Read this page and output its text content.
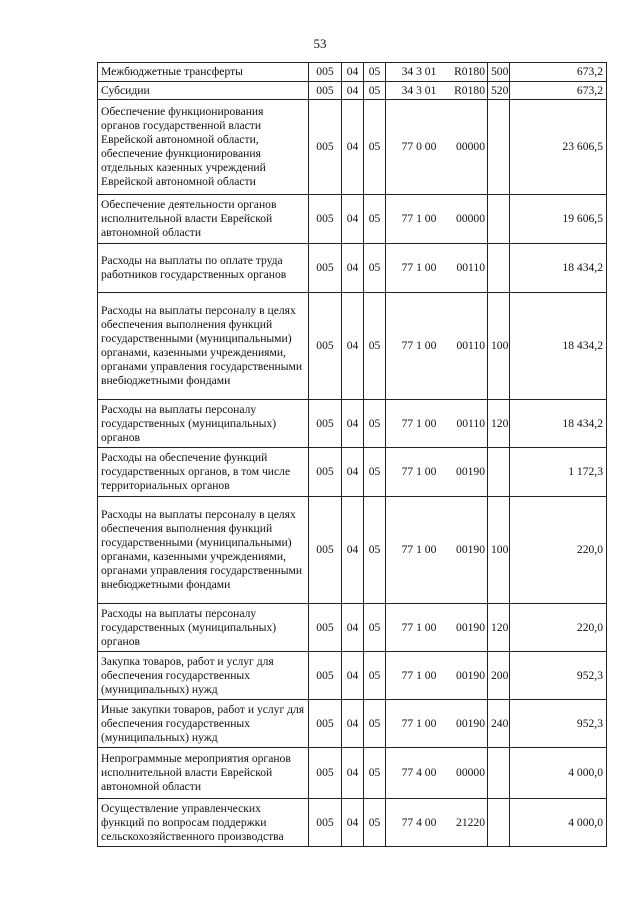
53
Межбюджетные трансферты	005	04	05	34 3 01 R0180	500	673,2
Субсидии	005	04	05	34 3 01 R0180	520	673,2
Обеспечение функционирования органов государственной власти Еврейской автономной области, обеспечение функционирования отдельных казенных учреждений Еврейской автономной области	005	04	05	77 0 00 00000		23 606,5
Обеспечение деятельности органов исполнительной власти Еврейской автономной области	005	04	05	77 1 00 00000		19 606,5
Расходы на выплаты по оплате труда работников государственных органов	005	04	05	77 1 00 00110		18 434,2
Расходы на выплаты персоналу в целях обеспечения выполнения функций государственными (муниципальными) органами, казенными учреждениями, органами управления государственными внебюджетными фондами	005	04	05	77 1 00 00110	100	18 434,2
Расходы на выплаты персоналу государственных (муниципальных) органов	005	04	05	77 1 00 00110	120	18 434,2
Расходы на обеспечение функций государственных органов, в том числе территориальных органов	005	04	05	77 1 00 00190		1 172,3
Расходы на выплаты персоналу в целях обеспечения выполнения функций государственными (муниципальными) органами, казенными учреждениями, органами управления государственными внебюджетными фондами	005	04	05	77 1 00 00190	100	220,0
Расходы на выплаты персоналу государственных (муниципальных) органов	005	04	05	77 1 00 00190	120	220,0
Закупка товаров, работ и услуг для обеспечения государственных (муниципальных) нужд	005	04	05	77 1 00 00190	200	952,3
Иные закупки товаров, работ и услуг для обеспечения государственных (муниципальных) нужд	005	04	05	77 1 00 00190	240	952,3
Непрограммные мероприятия органов исполнительной власти Еврейской автономной области	005	04	05	77 4 00 00000		4 000,0
Осуществление управленческих функций по вопросам поддержки сельскохозяйственного производства	005	04	05	77 4 00 21220		4 000,0
